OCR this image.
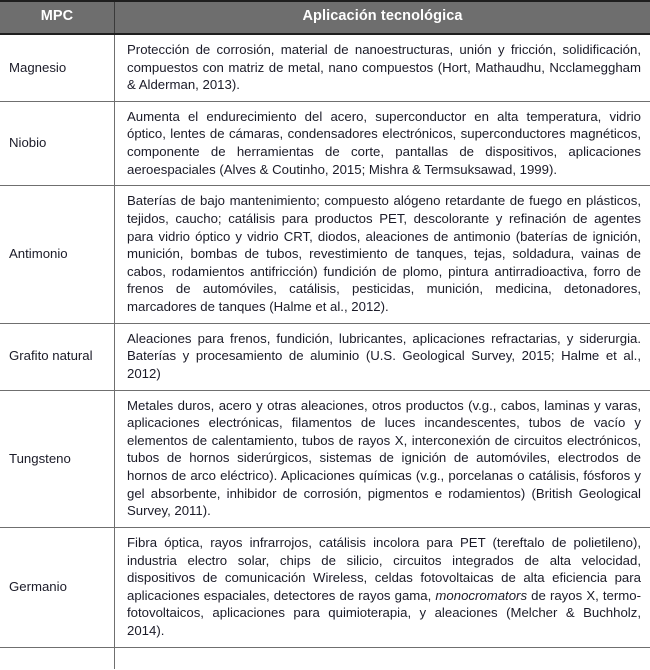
MPC	Aplicación tecnológica
Magnesio	Protección de corrosión, material de nanoestructuras, unión y fricción, solidificación, compuestos con matriz de metal, nano compuestos (Hort, Mathaudhu, Ncclameggham & Alderman, 2013).
Niobio	Aumenta el endurecimiento del acero, superconductor en alta temperatura, vidrio óptico, lentes de cámaras, condensadores electrónicos, superconductores magnéticos, componente de herramientas de corte, pantallas de dispositivos, aplicaciones aeroespaciales (Alves & Coutinho, 2015; Mishra & Termsuksawad, 1999).
Antimonio	Baterías de bajo mantenimiento; compuesto alógeno retardante de fuego en plásticos, tejidos, caucho; catálisis para productos PET, descolorante y refinación de agentes para vidrio óptico y vidrio CRT, diodos, aleaciones de antimonio (baterías de ignición, munición, bombas de tubos, revestimiento de tanques, tejas, soldadura, vainas de cabos, rodamientos antifricción) fundición de plomo, pintura antirradioactiva, forro de frenos de automóviles, catálisis, pesticidas, munición, medicina, detonadores, marcadores de tanques (Halme et al., 2012).
Grafito natural	Aleaciones para frenos, fundición, lubricantes, aplicaciones refractarias, y siderurgia. Baterías y procesamiento de aluminio (U.S. Geological Survey, 2015; Halme et al., 2012)
Tungsteno	Metales duros, acero y otras aleaciones, otros productos (v.g., cabos, laminas y varas, aplicaciones electrónicas, filamentos de luces incandescentes, tubos de vacío y elementos de calentamiento, tubos de rayos X, interconexión de circuitos electrónicos, tubos de hornos siderúrgicos, sistemas de ignición de automóviles, electrodos de hornos de arco eléctrico). Aplicaciones químicas (v.g., porcelanas o catálisis, fósforos y gel absorbente, inhibidor de corrosión, pigmentos e rodamientos) (British Geological Survey, 2011).
Germanio	Fibra óptica, rayos infrarrojos, catálisis incolora para PET (tereftalo de polietileno), industria electro solar, chips de silicio, circuitos integrados de alta velocidad, dispositivos de comunicación Wireless, celdas fotovoltaicas de alta eficiencia para aplicaciones espaciales, detectores de rayos gama, monocromators de rayos X, termo-fotovoltaicos, aplicaciones para quimioterapia, y aleaciones (Melcher & Buchholz, 2014).
